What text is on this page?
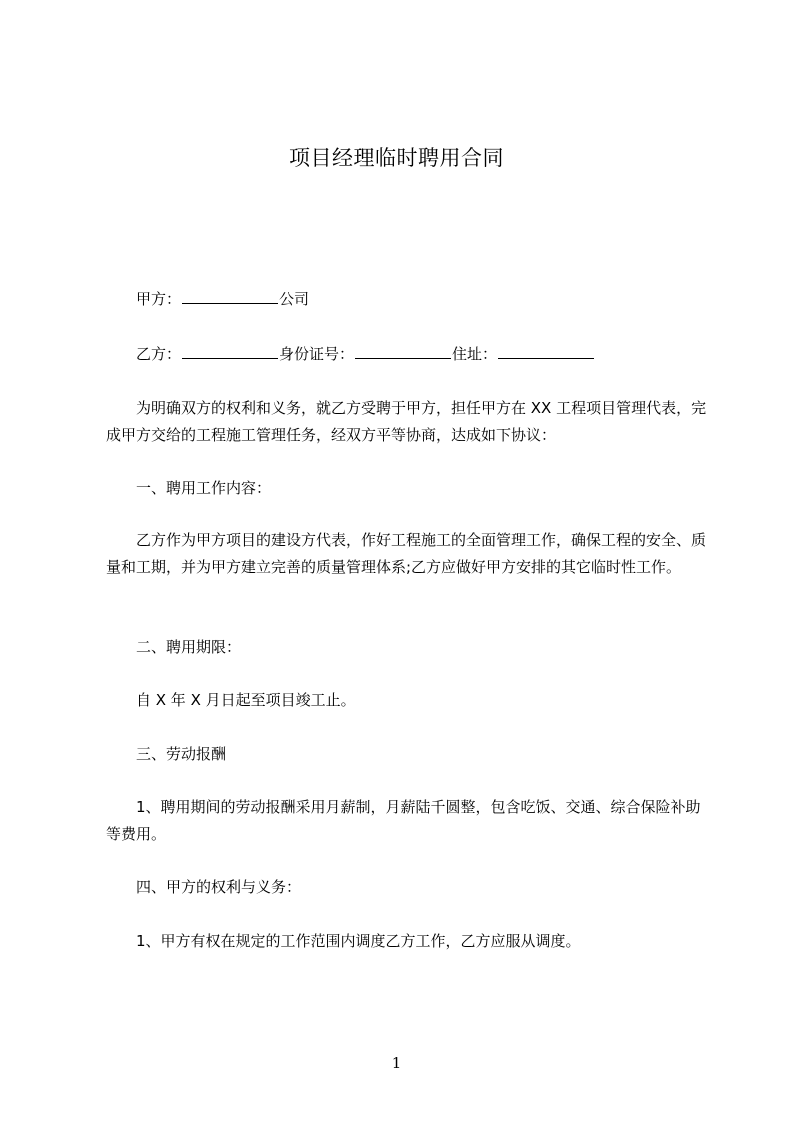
项目经理临时聘用合同
甲方：	公司
乙方：	身份证号：	住址：
为明确双方的权利和义务，就乙方受聘于甲方，担任甲方在 XX 工程项目管理代表，完成甲方交给的工程施工管理任务，经双方平等协商，达成如下协议：
一、聘用工作内容：
乙方作为甲方项目的建设方代表，作好工程施工的全面管理工作，确保工程的安全、质量和工期，并为甲方建立完善的质量管理体系;乙方应做好甲方安排的其它临时性工作。
二、聘用期限：
自 X 年 X 月日起至项目竣工止。
三、劳动报酬
1、聘用期间的劳动报酬采用月薪制，月薪陆千圆整，包含吃饭、交通、综合保险补助等费用。
四、甲方的权利与义务：
1、甲方有权在规定的工作范围内调度乙方工作，乙方应服从调度。
1
